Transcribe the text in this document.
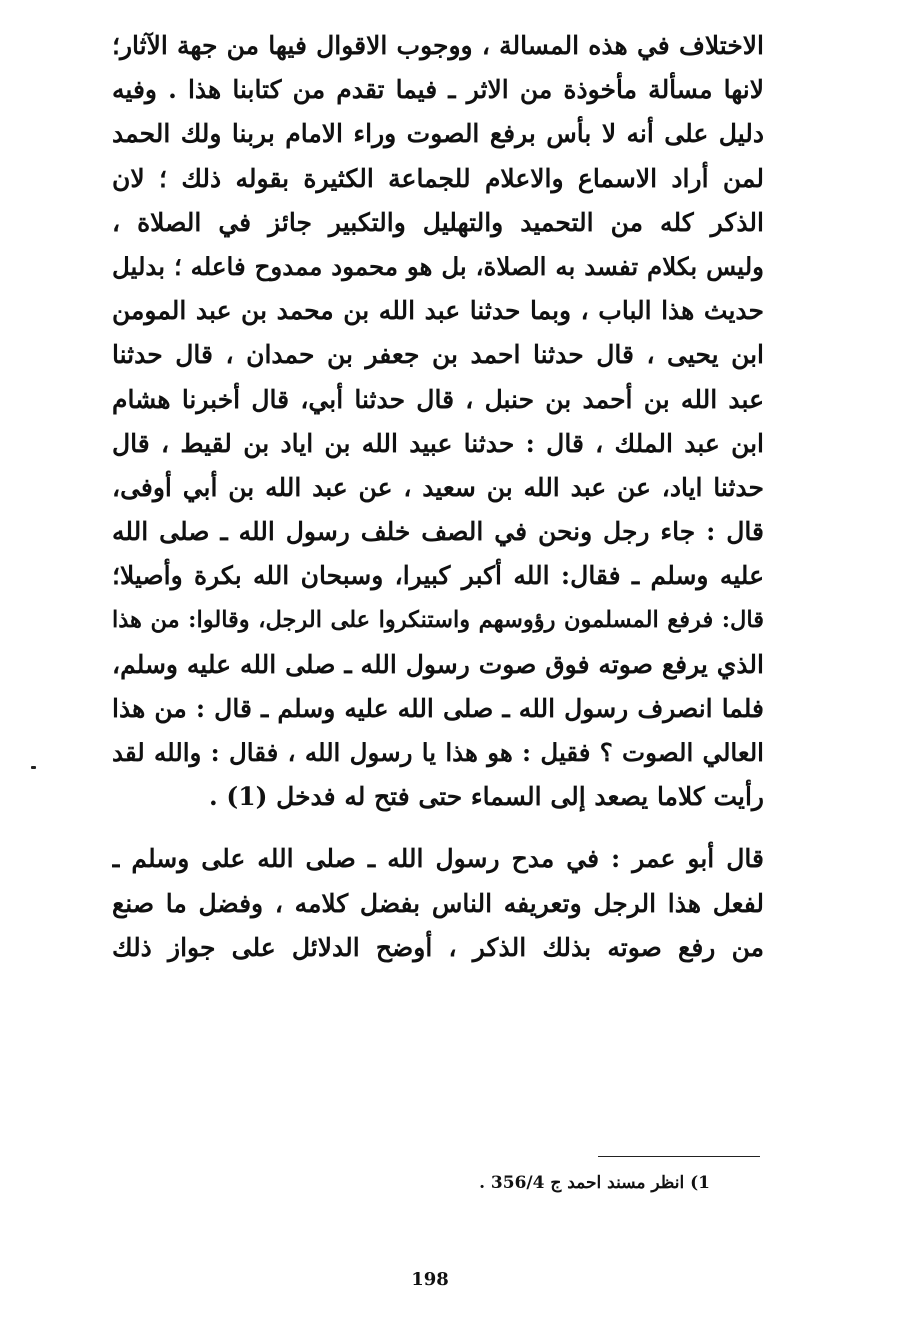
الاختلاف في هذه المسالة ، ووجوب الاقوال فيها من جهة الآثار؛
لانها مسألة مأخوذة من الاثر ـ فيما تقدم من كتابنا هذا . وفيه
دليل على أنه لا بأس برفع الصوت وراء الامام بربنا ولك الحمد
لمن أراد الاسماع والاعلام للجماعة الكثيرة بقوله ذلك ؛ لان
الذكر كله من التحميد والتهليل والتكبير جائز في الصلاة ،
وليس بكلام تفسد به الصلاة، بل هو محمود ممدوح فاعله ؛ بدليل
حديث هذا الباب ، وبما حدثنا عبد الله بن محمد بن عبد المومن
ابن يحيى ، قال حدثنا احمد بن جعفر بن حمدان ، قال حدثنا
عبد الله بن أحمد بن حنبل ، قال حدثنا أبي، قال أخبرنا هشام
ابن عبد الملك ، قال : حدثنا عبيد الله بن اياد بن لقيط ، قال
حدثنا اياد، عن عبد الله بن سعيد ، عن عبد الله بن أبي أوفى،
قال : جاء رجل ونحن في الصف خلف رسول الله ـ صلى الله
عليه وسلم ـ فقال: الله أكبر كبيرا، وسبحان الله بكرة وأصيلا؛
قال: فرفع المسلمون رؤوسهم واستنكروا على الرجل، وقالوا: من هذا
الذي يرفع صوته فوق صوت رسول الله ـ صلى الله عليه وسلم،
فلما انصرف رسول الله ـ صلى الله عليه وسلم ـ قال : من هذا
العالي الصوت ؟ فقيل : هو هذا يا رسول الله ، فقال : والله لقد
رأيت كلاما يصعد إلى السماء حتى فتح له فدخل (1) .
قال أبو عمر : في مدح رسول الله ـ صلى الله على وسلم ـ
لفعل هذا الرجل وتعريفه الناس بفضل كلامه ، وفضل ما صنع
من رفع صوته بذلك الذكر ، أوضح الدلائل على جواز ذلك
1) انظر مسند احمد ج 356/4 .
198
